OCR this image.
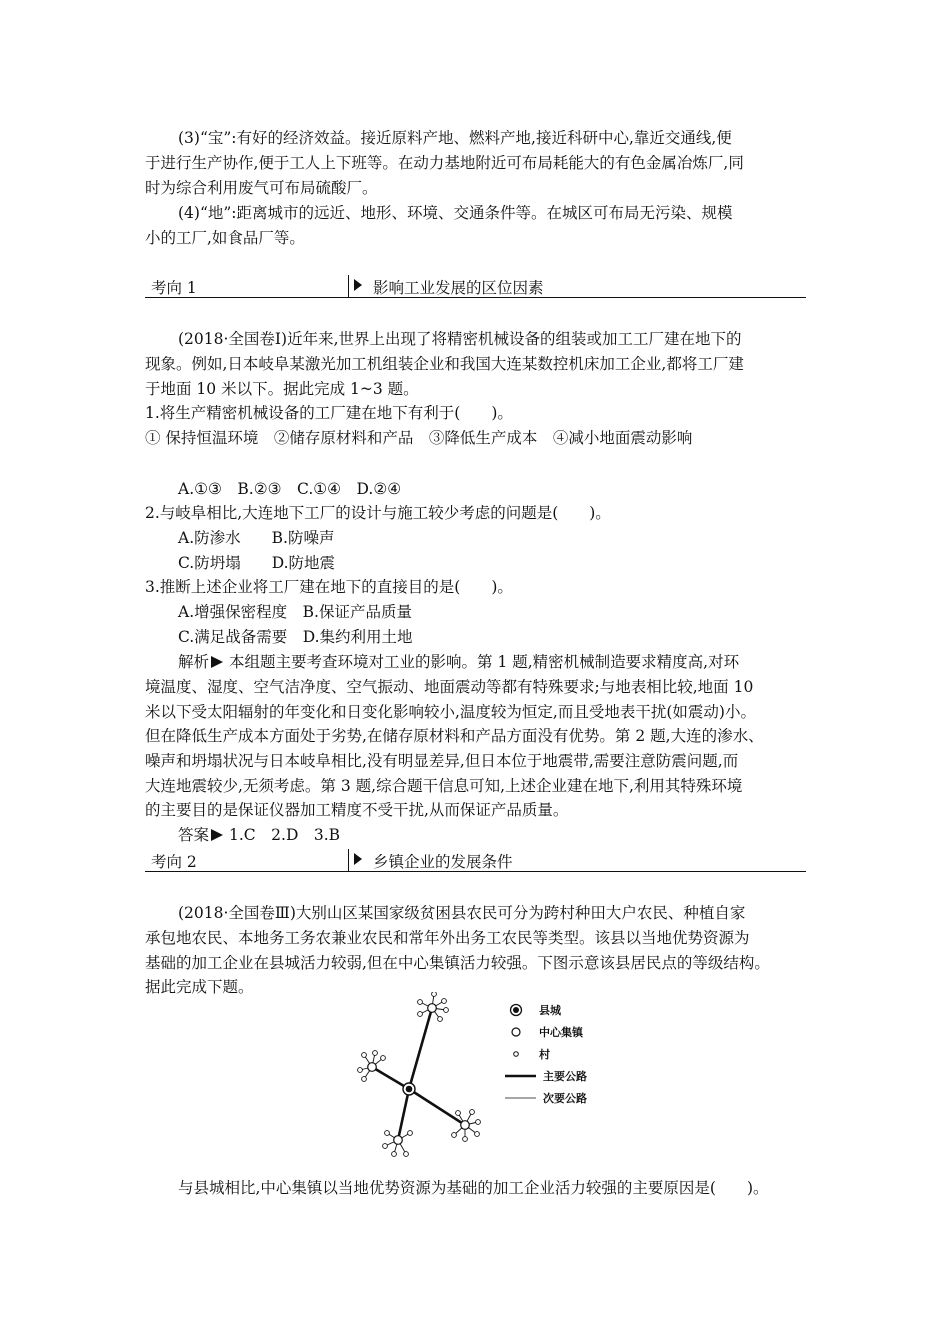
(3)“宝”:有好的经济效益。接近原料产地、燃料产地,接近科研中心,靠近交通线,便
于进行生产协作,便于工人上下班等。在动力基地附近可布局耗能大的有色金属冶炼厂,同
时为综合利用废气可布局硫酸厂。
(4)“地”:距离城市的远近、地形、环境、交通条件等。在城区可布局无污染、规模
小的工厂,如食品厂等。
考向 1	影响工业发展的区位因素
(2018·全国卷Ⅰ)近年来,世界上出现了将精密机械设备的组装或加工工厂建在地下的
现象。例如,日本岐阜某激光加工机组装企业和我国大连某数控机床加工企业,都将工厂建
于地面 10 米以下。据此完成 1~3 题。
1.将生产精密机械设备的工厂建在地下有利于(　　)。
① 保持恒温环境　②储存原材料和产品　③降低生产成本　④减小地面震动影响
A.①③　B.②③　C.①④　D.②④
2.与岐阜相比,大连地下工厂的设计与施工较少考虑的问题是(　　)。
A.防渗水　　B.防噪声
C.防坍塌　　D.防地震
3.推断上述企业将工厂建在地下的直接目的是(　　)。
A.增强保密程度　B.保证产品质量
C.满足战备需要　D.集约利用土地
解析 本组题主要考查环境对工业的影响。第 1 题,精密机械制造要求精度高,对环
境温度、湿度、空气洁净度、空气振动、地面震动等都有特殊要求;与地表相比较,地面 10
米以下受太阳辐射的年变化和日变化影响较小,温度较为恒定,而且受地表干扰(如震动)小。
但在降低生产成本方面处于劣势,在储存原材料和产品方面没有优势。第 2 题,大连的渗水、
噪声和坍塌状况与日本岐阜相比,没有明显差异,但日本位于地震带,需要注意防震问题,而
大连地震较少,无须考虑。第 3 题,综合题干信息可知,上述企业建在地下,利用其特殊环境
的主要目的是保证仪器加工精度不受干扰,从而保证产品质量。
答案 1.C　2.D　3.B
考向 2	乡镇企业的发展条件
(2018·全国卷Ⅲ)大别山区某国家级贫困县农民可分为跨村种田大户农民、种植自家
承包地农民、本地务工务农兼业农民和常年外出务工农民等类型。该县以当地优势资源为
基础的加工企业在县城活力较弱,但在中心集镇活力较强。下图示意该县居民点的等级结构。
据此完成下题。
县城
中心集镇
村
主要公路
次要公路
与县城相比,中心集镇以当地优势资源为基础的加工企业活力较强的主要原因是(　　)。
